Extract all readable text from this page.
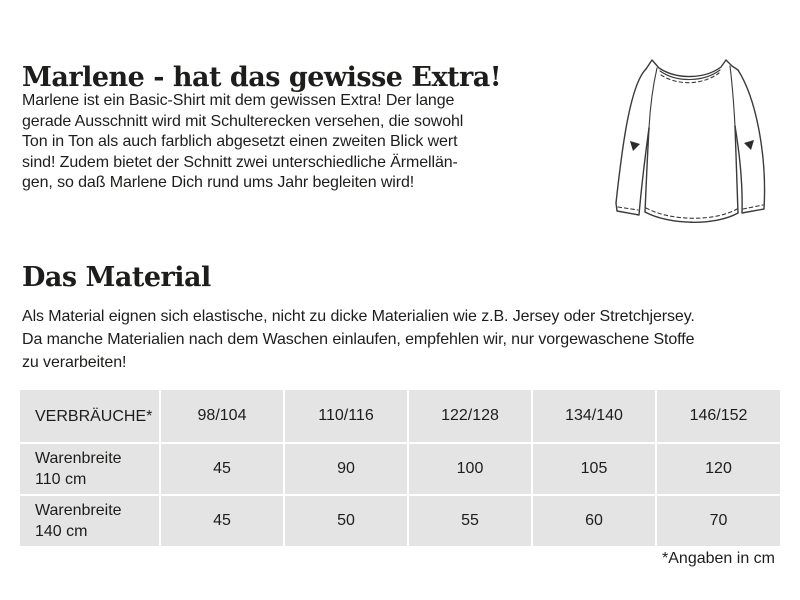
Marlene - hat das gewisse Extra!
Marlene ist ein Basic-Shirt mit dem gewissen Extra! Der lange
gerade Ausschnitt wird mit Schulterecken versehen, die sowohl
Ton in Ton als auch farblich abgesetzt einen zweiten Blick wert
sind! Zudem bietet der Schnitt zwei unterschiedliche Ärmellän-
gen, so daß Marlene Dich rund ums Jahr begleiten wird!
Das Material
Als Material eignen sich elastische, nicht zu dicke Materialien wie z.B. Jersey oder Stretchjersey.
Da manche Materialien nach dem Waschen einlaufen, empfehlen wir, nur vorgewaschene Stoffe
zu verarbeiten!
VERBRÄUCHE*	98/104	110/116	122/128	134/140	146/152

Warenbreite
110 cm	45	90	100	105	120

Warenbreite
140 cm	45	50	55	60	70
*Angaben in cm
